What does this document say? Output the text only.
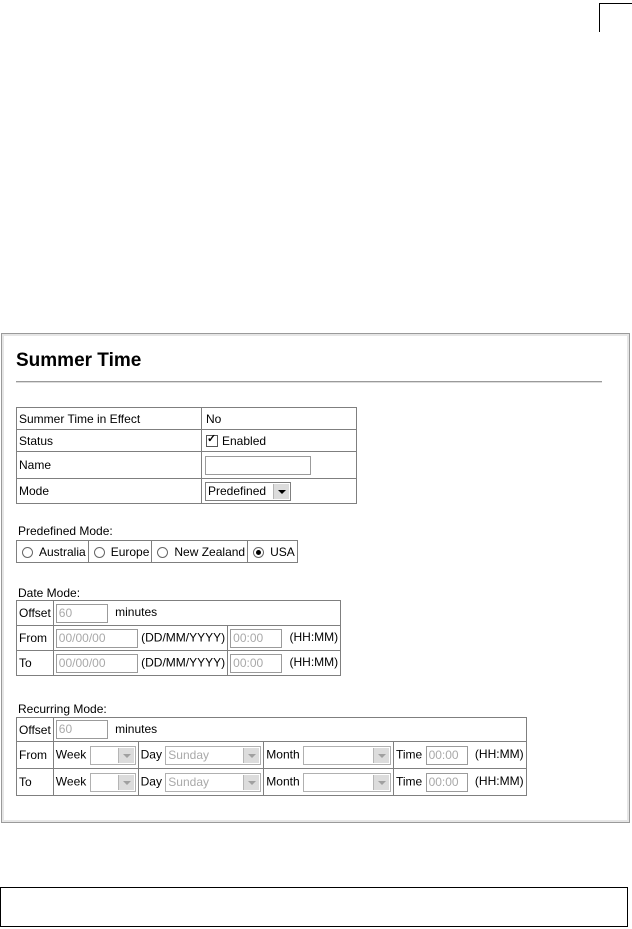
Summer Time
Summer Time in Effect	No
Status	✓Enabled
Name	
Mode	Predefined
Predefined Mode:
Australia	Europe	New Zealand	USA
Date Mode:
Offset	60 minutes	
From	00/00/00 (DD/MM/YYYY)	00:00 (HH:MM)
To	00/00/00 (DD/MM/YYYY)	00:00 (HH:MM)
Recurring Mode:
Offset	60 minutes			
From	Week	Day Sunday	Month	Time 00:00 (HH:MM)
To	Week	Day Sunday	Month	Time 00:00 (HH:MM)
